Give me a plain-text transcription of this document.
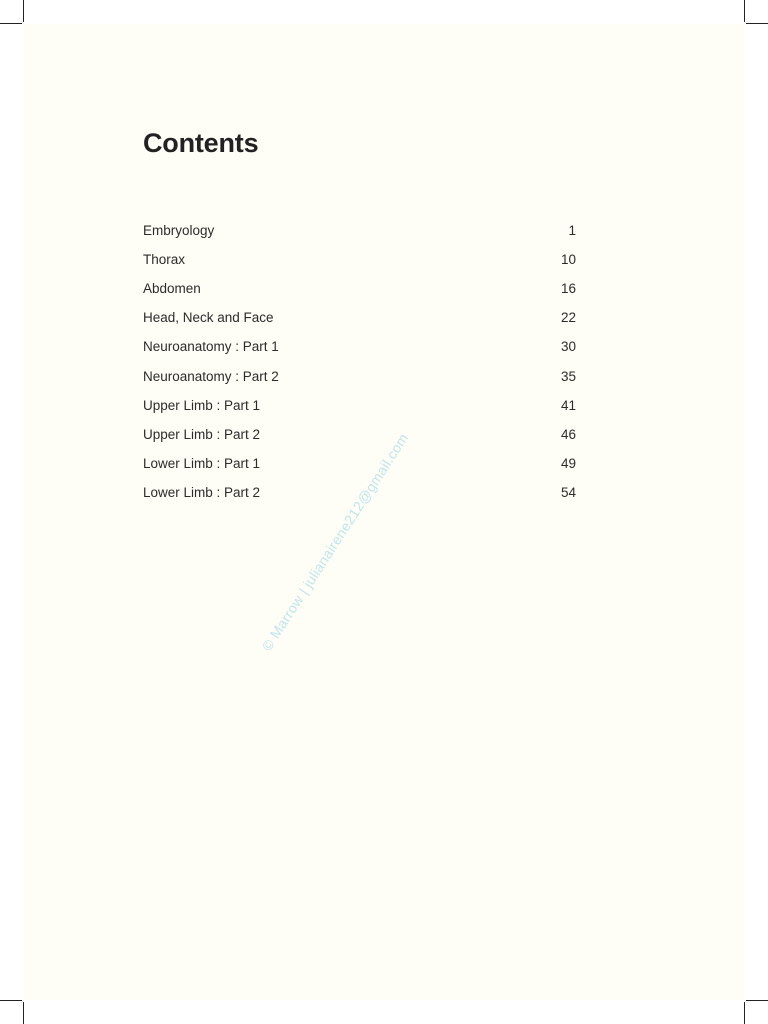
Contents
Embryology	1
Thorax	10
Abdomen	16
Head, Neck and Face	22
Neuroanatomy : Part 1	30
Neuroanatomy : Part 2	35
Upper Limb : Part 1	41
Upper Limb : Part 2	46
Lower Limb : Part 1	49
Lower Limb : Part 2	54
© Marrow | julianairene212@gmail.com
